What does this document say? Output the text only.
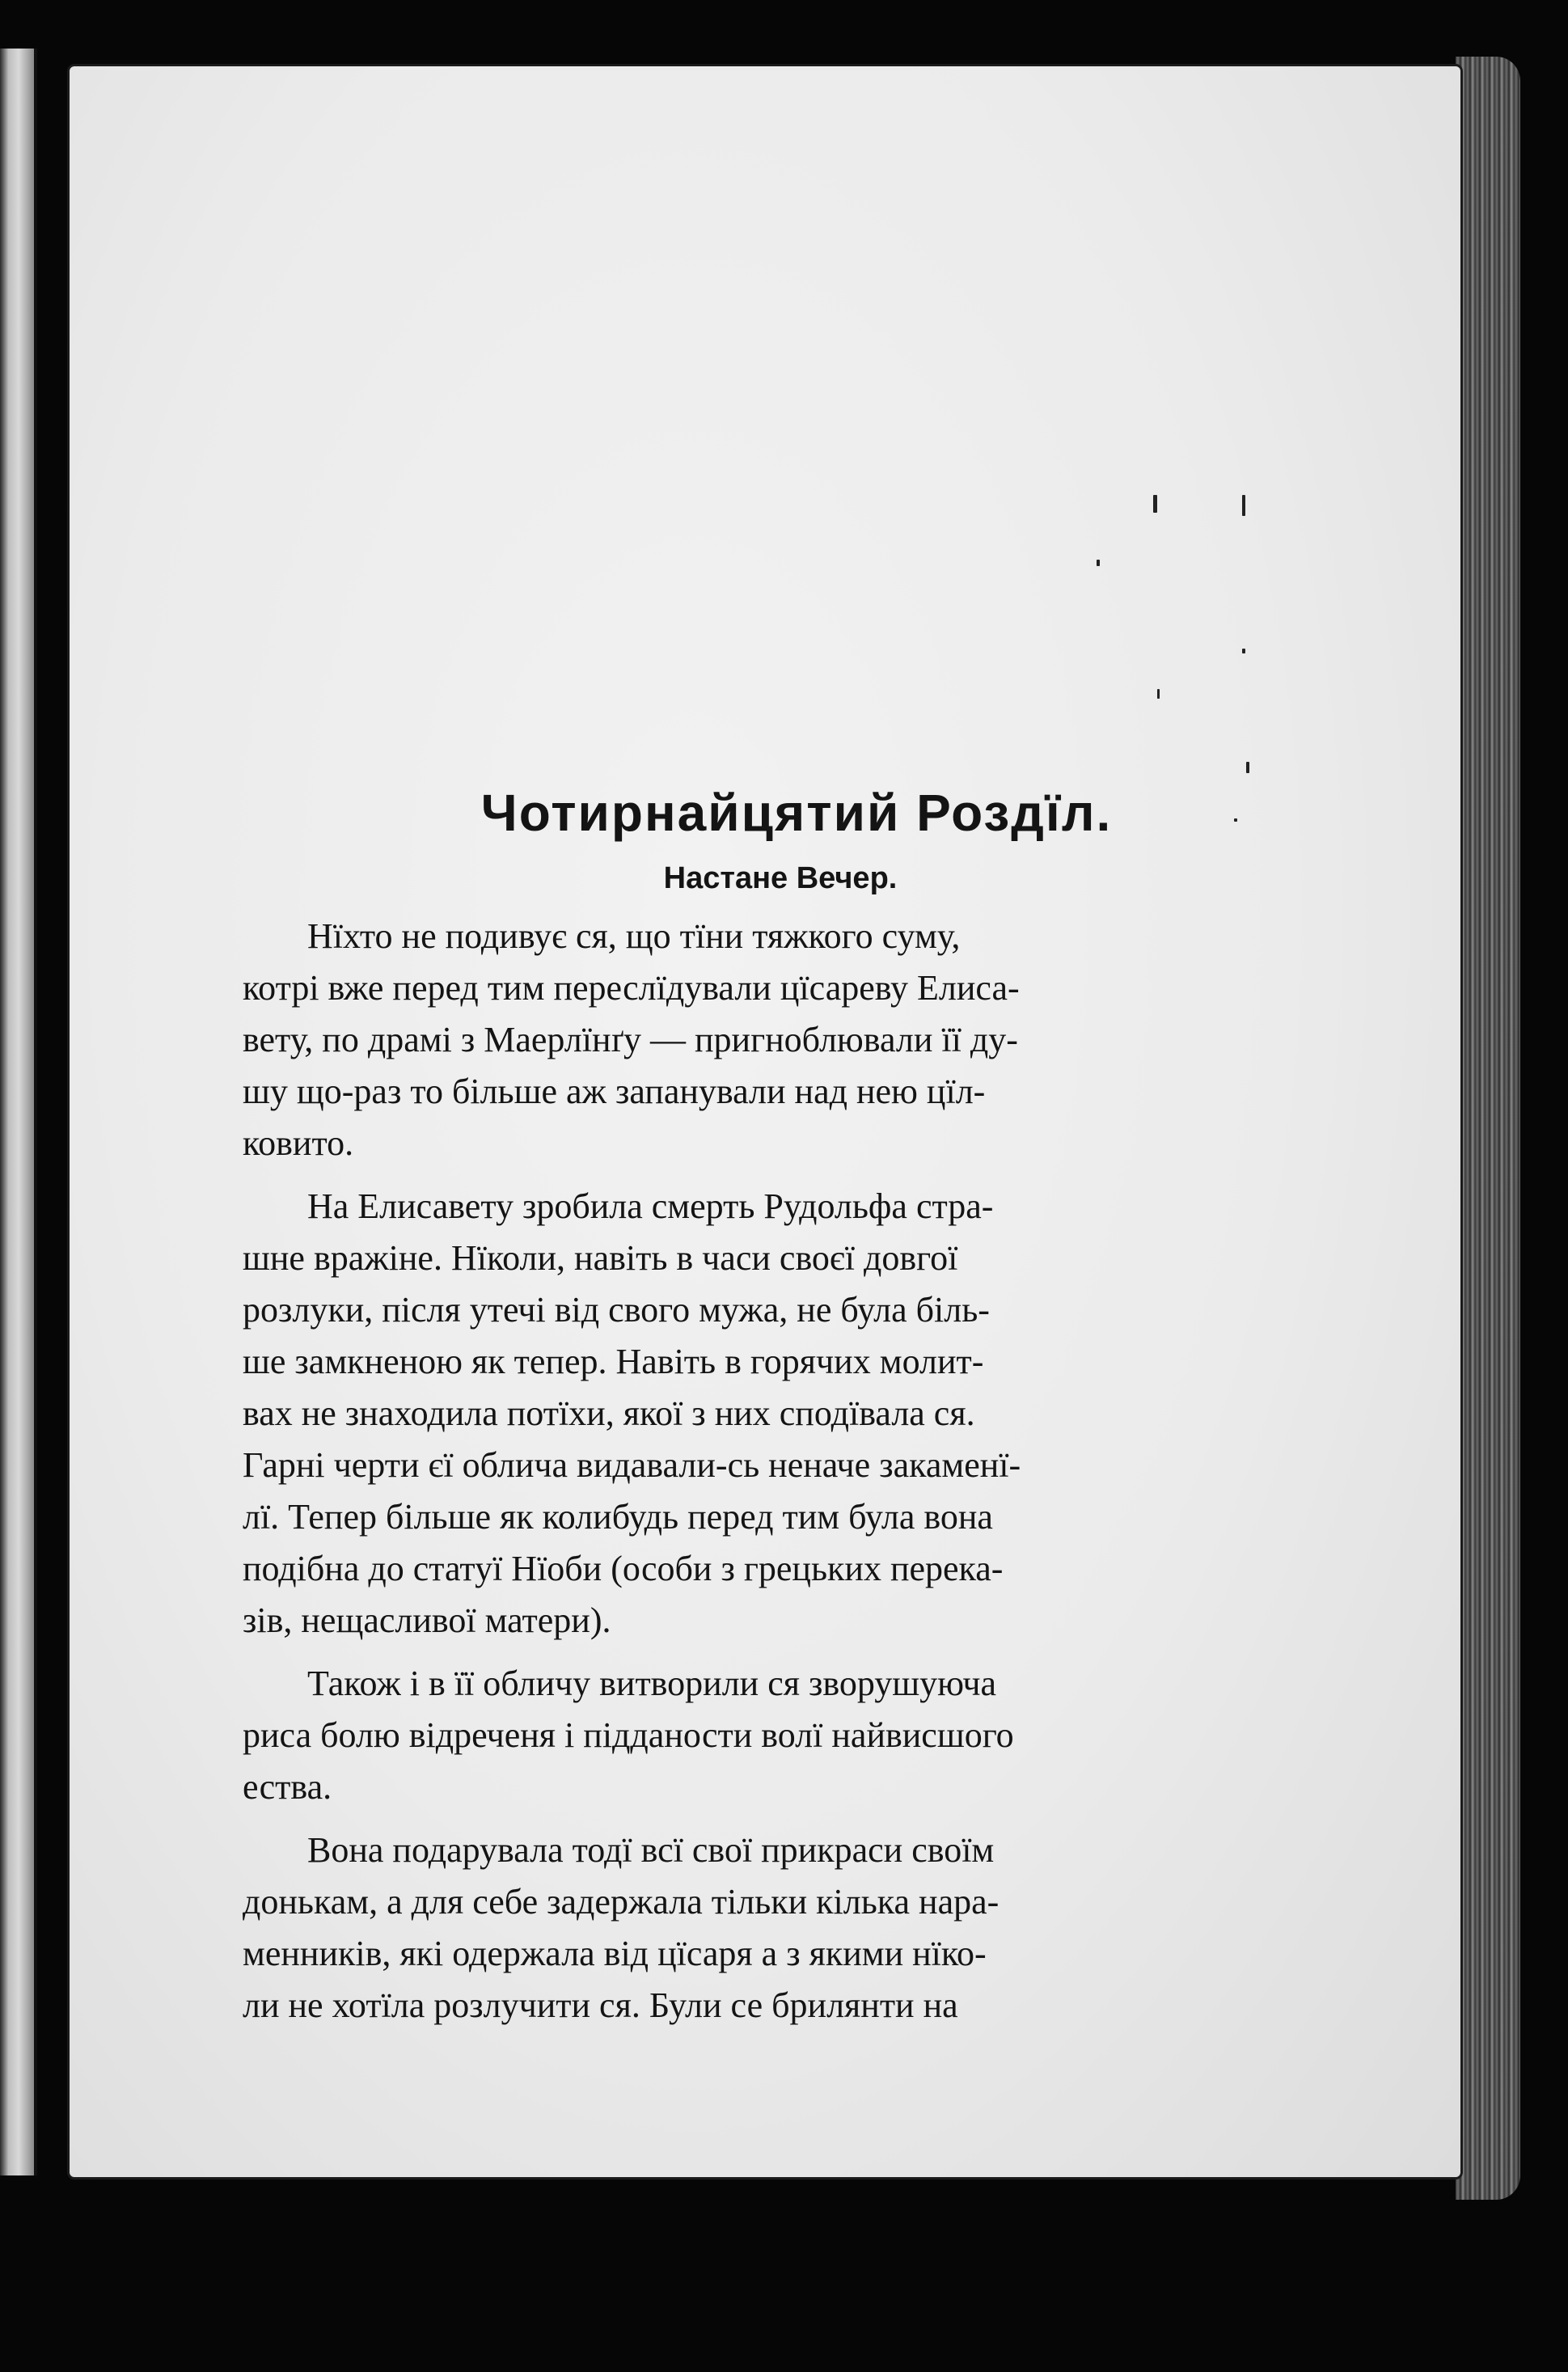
Чотирнайцятий Роздїл.
Настане Вечер.

Нїхто не подивує ся, що тїни тяжкого суму,
котрі вже перед тим переслїдували цїсареву Елиса-
вету, по драмі з Маерлїнґу — пригноблювали її ду-
шу що-раз то більше аж запанували над нею цїл-
ковито.

На Елисавету зробила смерть Рудольфа стра-
шне вражіне. Нїколи, навіть в часи своєї довгої
розлуки, після утечі від свого мужа, не була біль-
ше замкненою як тепер. Навіть в горячих молит-
вах не знаходила потїхи, якої з них сподївала ся.
Гарні черти єї облича видавали-сь неначе закаменї-
лї. Тепер більше як колибудь перед тим була вона
подібна до статуї Нїоби (особи з грецьких перека-
зів, нещасливої матери).

Також і в її обличу витворили ся зворушуюча
риса болю відреченя і пiдданости волї найвисшого
ества.

Вона подарувала тодї всї свої прикраси своїм
донькам, а для себе задержала тільки кілька нара-
менників, які одержала від цїсаря а з якими нїко-
ли не хотїла розлучити ся. Були се брилянти на
